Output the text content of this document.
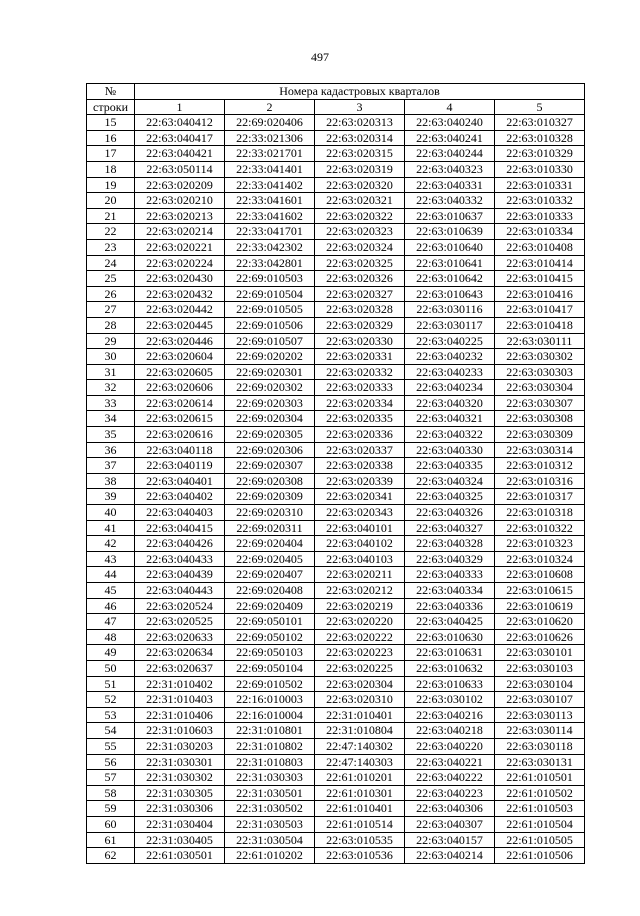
497
№	Номера кадастровых кварталов				
строки	1	2	3	4	5
15	22:63:040412	22:69:020406	22:63:020313	22:63:040240	22:63:010327
16	22:63:040417	22:33:021306	22:63:020314	22:63:040241	22:63:010328
17	22:63:040421	22:33:021701	22:63:020315	22:63:040244	22:63:010329
18	22:63:050114	22:33:041401	22:63:020319	22:63:040323	22:63:010330
19	22:63:020209	22:33:041402	22:63:020320	22:63:040331	22:63:010331
20	22:63:020210	22:33:041601	22:63:020321	22:63:040332	22:63:010332
21	22:63:020213	22:33:041602	22:63:020322	22:63:010637	22:63:010333
22	22:63:020214	22:33:041701	22:63:020323	22:63:010639	22:63:010334
23	22:63:020221	22:33:042302	22:63:020324	22:63:010640	22:63:010408
24	22:63:020224	22:33:042801	22:63:020325	22:63:010641	22:63:010414
25	22:63:020430	22:69:010503	22:63:020326	22:63:010642	22:63:010415
26	22:63:020432	22:69:010504	22:63:020327	22:63:010643	22:63:010416
27	22:63:020442	22:69:010505	22:63:020328	22:63:030116	22:63:010417
28	22:63:020445	22:69:010506	22:63:020329	22:63:030117	22:63:010418
29	22:63:020446	22:69:010507	22:63:020330	22:63:040225	22:63:030111
30	22:63:020604	22:69:020202	22:63:020331	22:63:040232	22:63:030302
31	22:63:020605	22:69:020301	22:63:020332	22:63:040233	22:63:030303
32	22:63:020606	22:69:020302	22:63:020333	22:63:040234	22:63:030304
33	22:63:020614	22:69:020303	22:63:020334	22:63:040320	22:63:030307
34	22:63:020615	22:69:020304	22:63:020335	22:63:040321	22:63:030308
35	22:63:020616	22:69:020305	22:63:020336	22:63:040322	22:63:030309
36	22:63:040118	22:69:020306	22:63:020337	22:63:040330	22:63:030314
37	22:63:040119	22:69:020307	22:63:020338	22:63:040335	22:63:010312
38	22:63:040401	22:69:020308	22:63:020339	22:63:040324	22:63:010316
39	22:63:040402	22:69:020309	22:63:020341	22:63:040325	22:63:010317
40	22:63:040403	22:69:020310	22:63:020343	22:63:040326	22:63:010318
41	22:63:040415	22:69:020311	22:63:040101	22:63:040327	22:63:010322
42	22:63:040426	22:69:020404	22:63:040102	22:63:040328	22:63:010323
43	22:63:040433	22:69:020405	22:63:040103	22:63:040329	22:63:010324
44	22:63:040439	22:69:020407	22:63:020211	22:63:040333	22:63:010608
45	22:63:040443	22:69:020408	22:63:020212	22:63:040334	22:63:010615
46	22:63:020524	22:69:020409	22:63:020219	22:63:040336	22:63:010619
47	22:63:020525	22:69:050101	22:63:020220	22:63:040425	22:63:010620
48	22:63:020633	22:69:050102	22:63:020222	22:63:010630	22:63:010626
49	22:63:020634	22:69:050103	22:63:020223	22:63:010631	22:63:030101
50	22:63:020637	22:69:050104	22:63:020225	22:63:010632	22:63:030103
51	22:31:010402	22:69:010502	22:63:020304	22:63:010633	22:63:030104
52	22:31:010403	22:16:010003	22:63:020310	22:63:030102	22:63:030107
53	22:31:010406	22:16:010004	22:31:010401	22:63:040216	22:63:030113
54	22:31:010603	22:31:010801	22:31:010804	22:63:040218	22:63:030114
55	22:31:030203	22:31:010802	22:47:140302	22:63:040220	22:63:030118
56	22:31:030301	22:31:010803	22:47:140303	22:63:040221	22:63:030131
57	22:31:030302	22:31:030303	22:61:010201	22:63:040222	22:61:010501
58	22:31:030305	22:31:030501	22:61:010301	22:63:040223	22:61:010502
59	22:31:030306	22:31:030502	22:61:010401	22:63:040306	22:61:010503
60	22:31:030404	22:31:030503	22:61:010514	22:63:040307	22:61:010504
61	22:31:030405	22:31:030504	22:63:010535	22:63:040157	22:61:010505
62	22:61:030501	22:61:010202	22:63:010536	22:63:040214	22:61:010506
